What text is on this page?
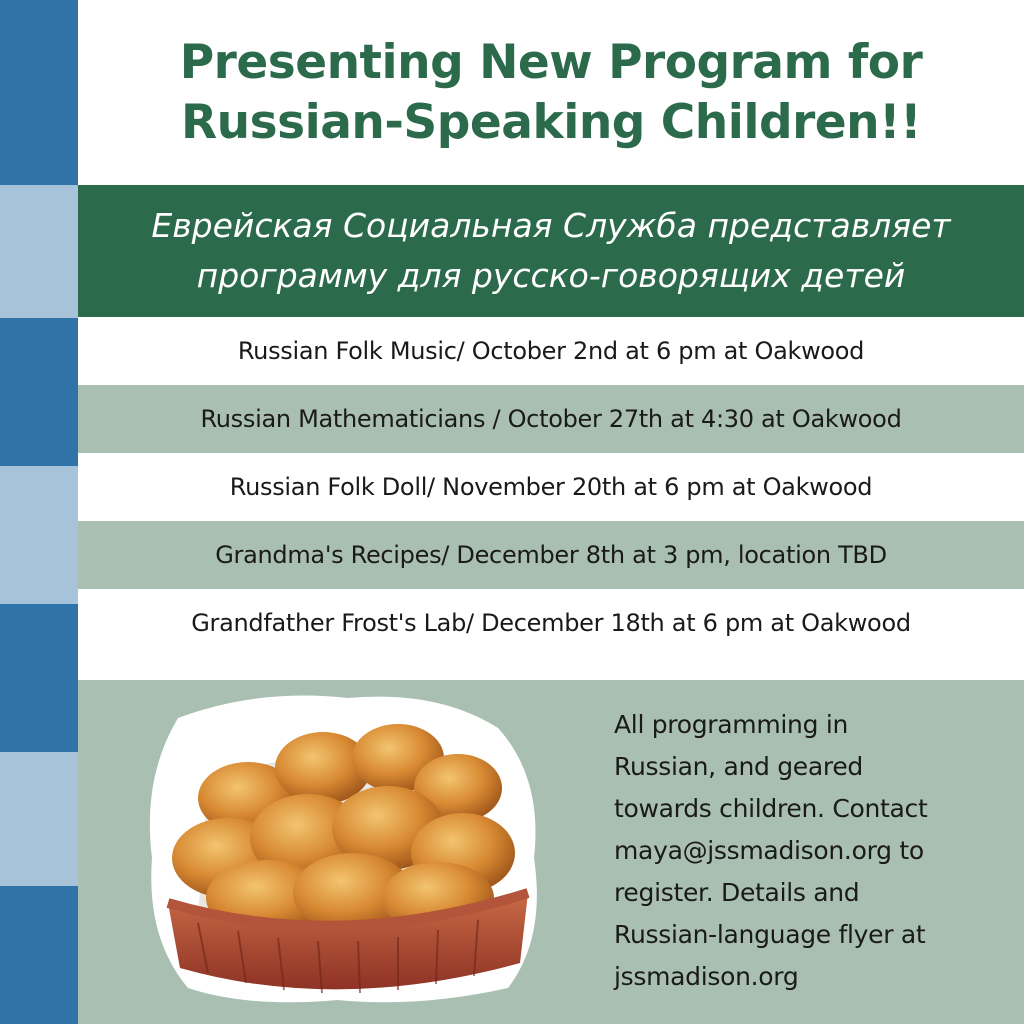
Presenting New Program for
Russian-Speaking Children!!
Еврейская Социальная Служба представляет
программу для русско-говорящих детей
Russian Folk Music/ October 2nd at 6 pm at Oakwood
Russian Mathematicians / October 27th at 4:30 at Oakwood
Russian Folk Doll/ November 20th at 6 pm at Oakwood
Grandma's Recipes/ December 8th at 3 pm, location TBD
Grandfather Frost's Lab/ December 18th at 6 pm at Oakwood
All programming in
Russian, and geared
towards children. Contact
maya@jssmadison.org to
register. Details and
Russian-language flyer at
jssmadison.org
